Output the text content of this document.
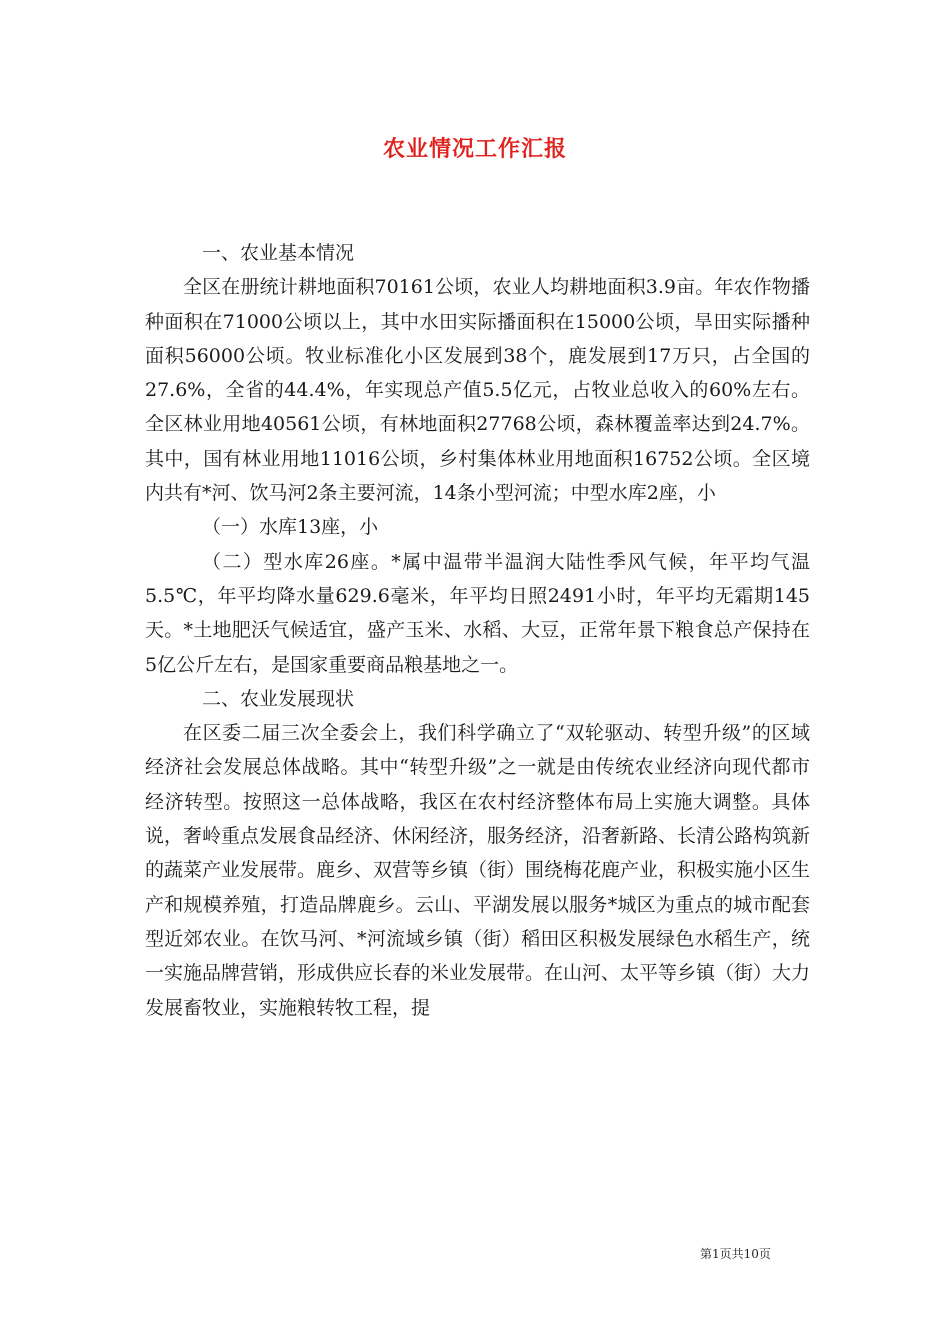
农业情况工作汇报

一、农业基本情况

全区在册统计耕地面积70161公顷，农业人均耕地面积3.9亩。年农作物播种面积在71000公顷以上，其中水田实际播面积在15000公顷，旱田实际播种面积56000公顷。牧业标准化小区发展到38个，鹿发展到17万只，占全国的27.6%，全省的44.4%，年实现总产值5.5亿元，占牧业总收入的60%左右。全区林业用地40561公顷，有林地面积27768公顷，森林覆盖率达到24.7%。其中，国有林业用地11016公顷，乡村集体林业用地面积16752公顷。全区境内共有*河、饮马河2条主要河流，14条小型河流；中型水库2座，小

（一）水库13座，小

（二）型水库26座。*属中温带半温润大陆性季风气候，年平均气温5.5℃，年平均降水量629.6毫米，年平均日照2491小时，年平均无霜期145天。*土地肥沃气候适宜，盛产玉米、水稻、大豆，正常年景下粮食总产保持在5亿公斤左右，是国家重要商品粮基地之一。

二、农业发展现状

在区委二届三次全委会上，我们科学确立了“双轮驱动、转型升级”的区域经济社会发展总体战略。其中“转型升级”之一就是由传统农业经济向现代都市经济转型。按照这一总体战略，我区在农村经济整体布局上实施大调整。具体说，奢岭重点发展食品经济、休闲经济，服务经济，沿奢新路、长清公路构筑新的蔬菜产业发展带。鹿乡、双营等乡镇（街）围绕梅花鹿产业，积极实施小区生产和规模养殖，打造品牌鹿乡。云山、平湖发展以服务*城区为重点的城市配套型近郊农业。在饮马河、*河流域乡镇（街）稻田区积极发展绿色水稻生产，统一实施品牌营销，形成供应长春的米业发展带。在山河、太平等乡镇（街）大力发展畜牧业，实施粮转牧工程，提

第1页共10页
